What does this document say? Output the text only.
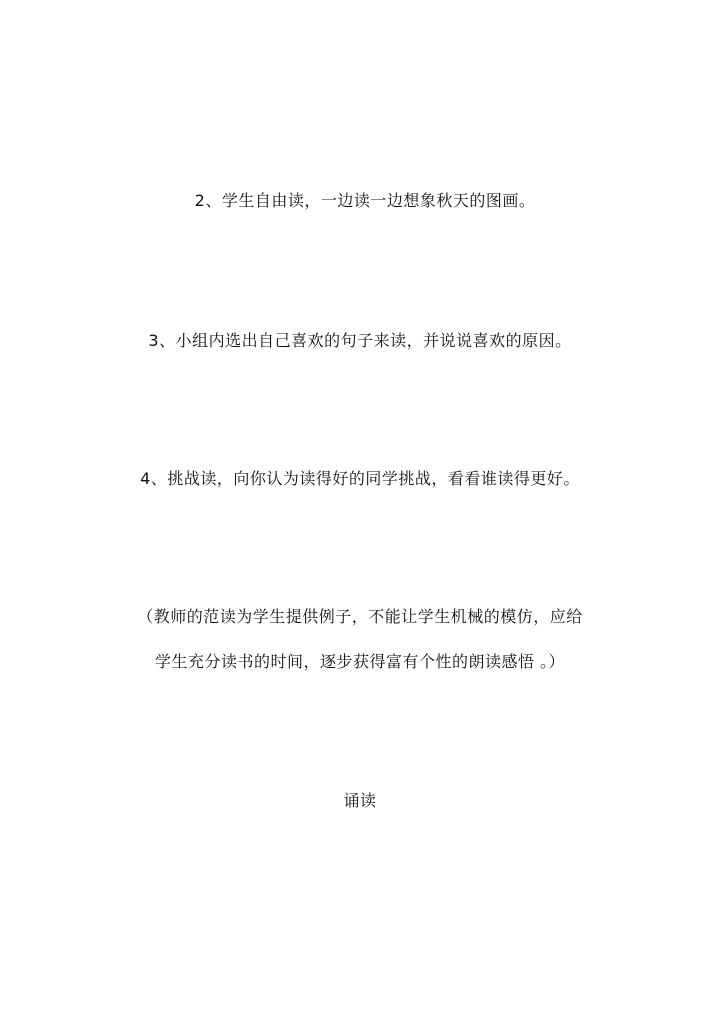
2、学生自由读，一边读一边想象秋天的图画。
3、小组内选出自己喜欢的句子来读，并说说喜欢的原因。
4、挑战读，向你认为读得好的同学挑战，看看谁读得更好。
（教师的范读为学生提供例子，不能让学生机械的模仿，应给
学生充分读书的时间，逐步获得富有个性的朗读感悟 。）
诵读
